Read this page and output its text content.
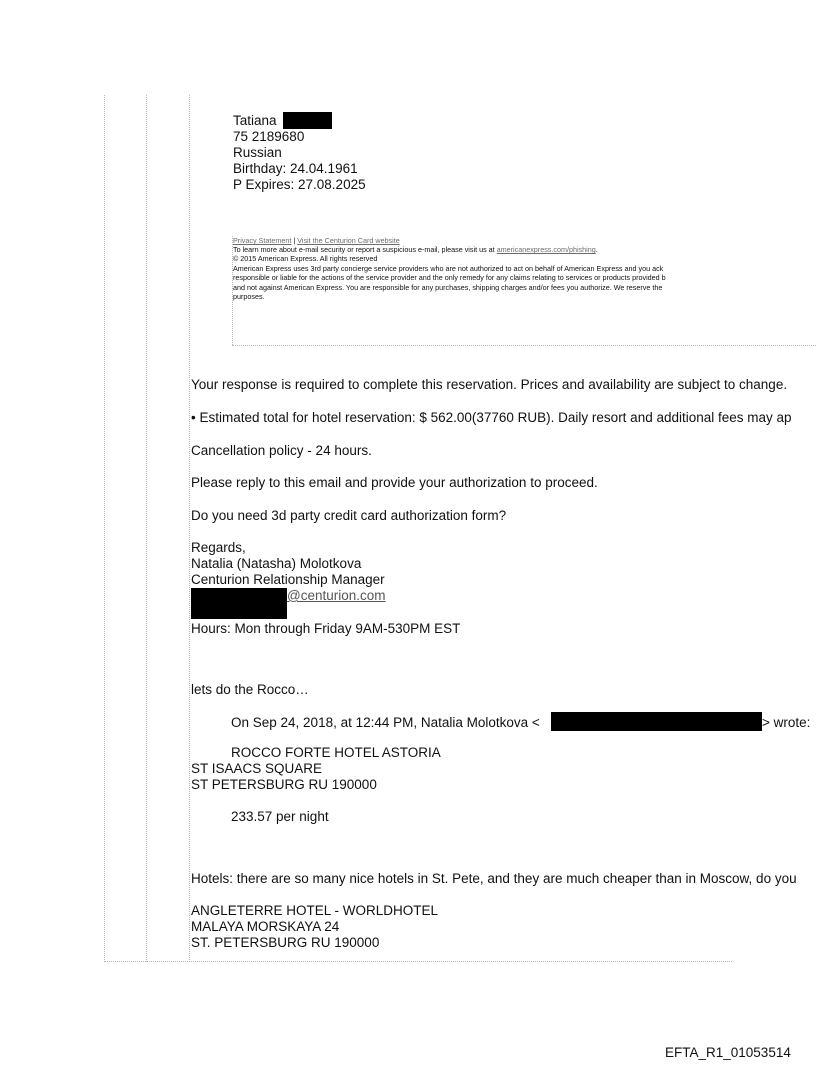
Tatiana
75 2189680
Russian
Birthday: 24.04.1961
P Expires: 27.08.2025
Privacy Statement | Visit the Centurion Card website
To learn more about e-mail security or report a suspicious e-mail, please visit us at americanexpress.com/phishing.
© 2015 American Express. All rights reserved
American Express uses 3rd party concierge service providers who are not authorized to act on behalf of American Express and you ack
responsible or liable for the actions of the service provider and the only remedy for any claims relating to services or products provided b
and not against American Express. You are responsible for any purchases, shipping charges and/or fees you authorize. We reserve the
purposes.
Your response is required to complete this reservation. Prices and availability are subject to change.
• Estimated total for hotel reservation: $ 562.00(37760 RUB). Daily resort and additional fees may ap
Cancellation policy - 24 hours.
Please reply to this email and provide your authorization to proceed.
Do you need 3d party credit card authorization form?
Regards,
Natalia (Natasha) Molotkova
Centurion Relationship Manager
@centurion.com
Hours: Mon through Friday 9AM-530PM EST
lets do the Rocco…
On Sep 24, 2018, at 12:44 PM, Natalia Molotkova <	> wrote:
ROCCO FORTE HOTEL ASTORIA
ST ISAACS SQUARE
ST PETERSBURG RU 190000
233.57 per night
Hotels: there are so many nice hotels in St. Pete, and they are much cheaper than in Moscow, do you
ANGLETERRE HOTEL - WORLDHOTEL
MALAYA MORSKAYA 24
ST. PETERSBURG RU 190000
EFTA_R1_01053514
